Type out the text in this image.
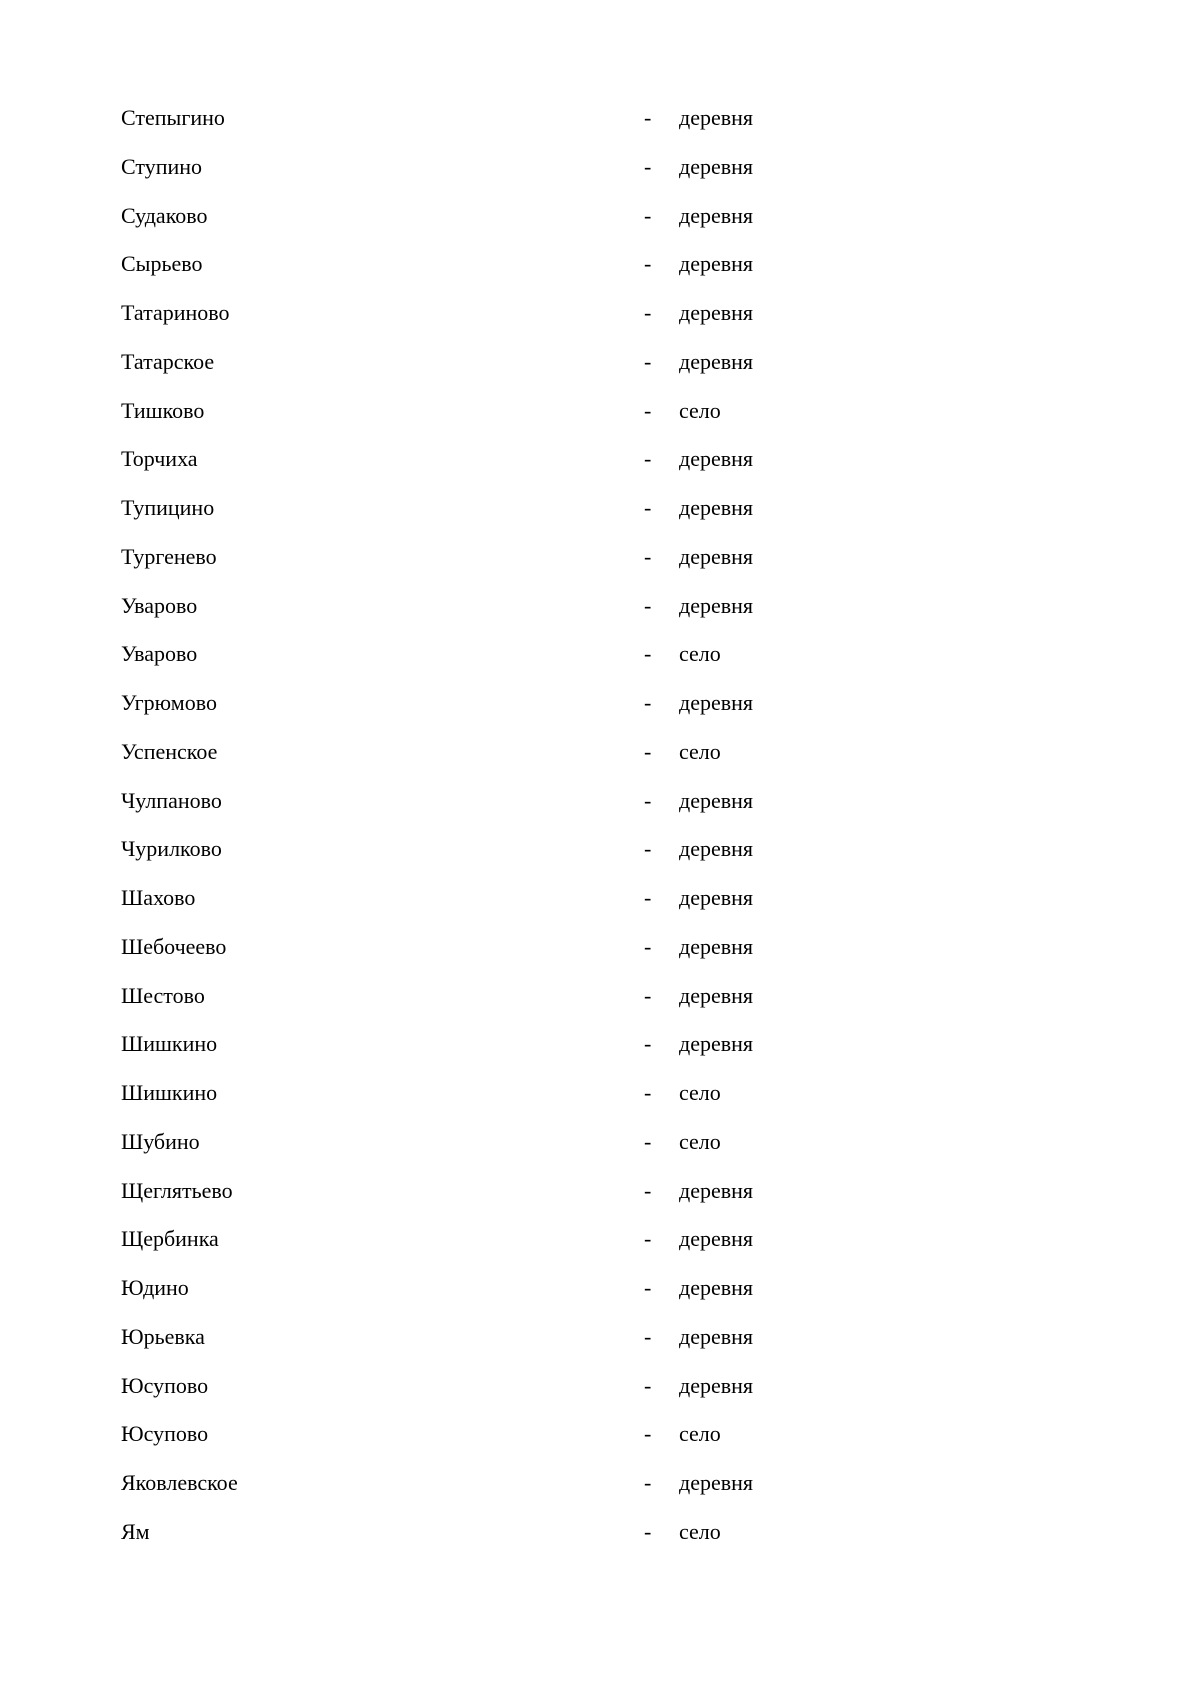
Степыгино	- деревня
Ступино	- деревня
Судаково	- деревня
Сырьево	- деревня
Татариново	- деревня
Татарское	- деревня
Тишково	- село
Торчиха	- деревня
Тупицино	- деревня
Тургенево	- деревня
Уварово	- деревня
Уварово	- село
Угрюмово	- деревня
Успенское	- село
Чулпаново	- деревня
Чурилково	- деревня
Шахово	- деревня
Шебочеево	- деревня
Шестово	- деревня
Шишкино	- деревня
Шишкино	- село
Шубино	- село
Щеглятьево	- деревня
Щербинка	- деревня
Юдино	- деревня
Юрьевка	- деревня
Юсупово	- деревня
Юсупово	- село
Яковлевское	- деревня
Ям	- село
